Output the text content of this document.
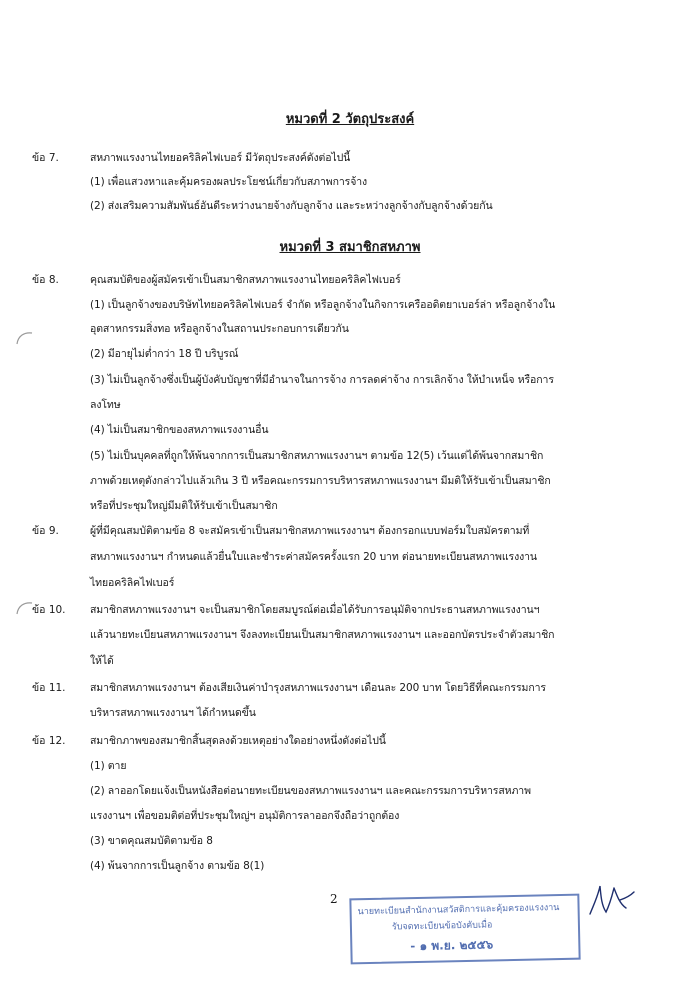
หมวดที่ 2 วัตถุประสงค์
ข้อ 7.	สหภาพแรงงานไทยอคริลิคไฟเบอร์ มีวัตถุประสงค์ดังต่อไปนี้
(1) เพื่อแสวงหาและคุ้มครองผลประโยชน์เกี่ยวกับสภาพการจ้าง
(2) ส่งเสริมความสัมพันธ์อันดีระหว่างนายจ้างกับลูกจ้าง และระหว่างลูกจ้างกับลูกจ้างด้วยกัน
หมวดที่ 3 สมาชิกสหภาพ
ข้อ 8.	คุณสมบัติของผู้สมัครเข้าเป็นสมาชิกสหภาพแรงงานไทยอคริลิคไฟเบอร์
(1) เป็นลูกจ้างของบริษัทไทยอคริลิคไฟเบอร์ จำกัด หรือลูกจ้างในกิจการเครืออดิตยาเบอร์ล่า หรือลูกจ้างใน
อุตสาหกรรมสิ่งทอ หรือลูกจ้างในสถานประกอบการเดียวกัน
(2) มีอายุไม่ต่ำกว่า 18 ปี บริบูรณ์
(3) ไม่เป็นลูกจ้างซึ่งเป็นผู้บังคับบัญชาที่มีอำนาจในการจ้าง การลดค่าจ้าง การเลิกจ้าง ให้บำเหน็จ หรือการ
ลงโทษ
(4) ไม่เป็นสมาชิกของสหภาพแรงงานอื่น
(5) ไม่เป็นบุคคลที่ถูกให้พ้นจากการเป็นสมาชิกสหภาพแรงงานฯ ตามข้อ 12(5) เว้นแต่ได้พ้นจากสมาชิก
ภาพด้วยเหตุดังกล่าวไปแล้วเกิน 3 ปี หรือคณะกรรมการบริหารสหภาพแรงงานฯ มีมติให้รับเข้าเป็นสมาชิก
หรือที่ประชุมใหญ่มีมติให้รับเข้าเป็นสมาชิก
ข้อ 9.	ผู้ที่มีคุณสมบัติตามข้อ 8 จะสมัครเข้าเป็นสมาชิกสหภาพแรงงานฯ ต้องกรอกแบบฟอร์มใบสมัครตามที่
สหภาพแรงงานฯ กำหนดแล้วยื่นใบและชำระค่าสมัครครั้งแรก 20 บาท ต่อนายทะเบียนสหภาพแรงงาน
ไทยอคริลิคไฟเบอร์
ข้อ 10. สมาชิกสหภาพแรงงานฯ จะเป็นสมาชิกโดยสมบูรณ์ต่อเมื่อได้รับการอนุมัติจากประธานสหภาพแรงงานฯ
แล้วนายทะเบียนสหภาพแรงงานฯ จึงลงทะเบียนเป็นสมาชิกสหภาพแรงงานฯ และออกบัตรประจำตัวสมาชิก
ให้ได้
ข้อ 11. สมาชิกสหภาพแรงงานฯ ต้องเสียเงินค่าบำรุงสหภาพแรงงานฯ เดือนละ 200 บาท โดยวิธีที่คณะกรรมการ
บริหารสหภาพแรงงานฯ ได้กำหนดขึ้น
ข้อ 12. สมาชิกภาพของสมาชิกสิ้นสุดลงด้วยเหตุอย่างใดอย่างหนึ่งดังต่อไปนี้
(1) ตาย
(2) ลาออกโดยแจ้งเป็นหนังสือต่อนายทะเบียนของสหภาพแรงงานฯ และคณะกรรมการบริหารสหภาพ
แรงงานฯ เพื่อขอมติต่อที่ประชุมใหญ่ฯ อนุมัติการลาออกจึงถือว่าถูกต้อง
(3) ขาดคุณสมบัติตามข้อ 8
(4) พ้นจากการเป็นลูกจ้าง ตามข้อ 8(1)
2
นายทะเบียนสำนักงานสวัสดิการและคุ้มครองแรงงาน
รับจดทะเบียนข้อบังคับเมื่อ
- ๑ พ.ย. ๒๕๕๖
